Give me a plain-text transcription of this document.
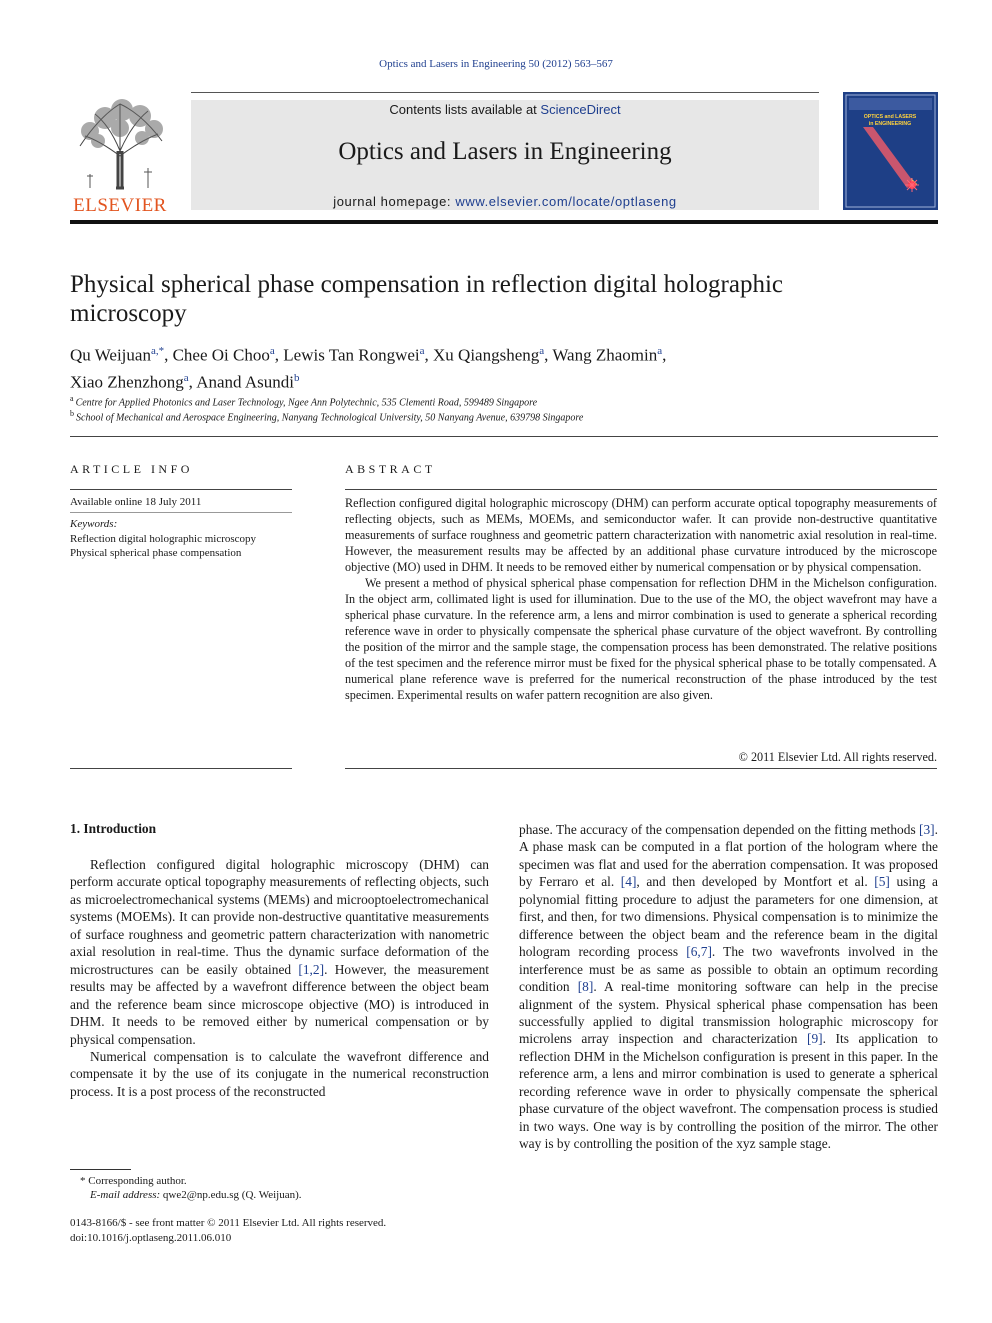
Optics and Lasers in Engineering 50 (2012) 563–567
ELSEVIER
Contents lists available at ScienceDirect
Optics and Lasers in Engineering
journal homepage: www.elsevier.com/locate/optlaseng
OPTICS and LASERS
in ENGINEERING
Physical spherical phase compensation in reflection digital holographic microscopy
Qu Weijuan$^{a,*}$, Chee Oi Choo$^a$, Lewis Tan Rongwei$^a$, Xu Qiangsheng$^a$, Wang Zhaomin$^a$,
Xiao Zhenzhong$^a$, Anand Asundi$^b$
$^a$ Centre for Applied Photonics and Laser Technology, Ngee Ann Polytechnic, 535 Clementi Road, 599489 Singapore
$^b$ School of Mechanical and Aerospace Engineering, Nanyang Technological University, 50 Nanyang Avenue, 639798 Singapore
ARTICLE INFO
Available online 18 July 2011
Keywords:
Reflection digital holographic microscopy
Physical spherical phase compensation
ABSTRACT

Reflection configured digital holographic microscopy (DHM) can perform accurate optical topography measurements of reflecting objects, such as MEMs, MOEMs, and semiconductor wafer. It can provide non-destructive quantitative measurements of surface roughness and geometric pattern characterization with nanometric axial resolution in real-time. However, the measurement results may be affected by an additional phase curvature introduced by the microscope objective (MO) used in DHM. It needs to be removed either by numerical compensation or by physical compensation.

We present a method of physical spherical phase compensation for reflection DHM in the Michelson configuration. In the object arm, collimated light is used for illumination. Due to the use of the MO, the object wavefront may have a spherical phase curvature. In the reference arm, a lens and mirror combination is used to generate a spherical recording reference wave in order to physically compensate the spherical phase curvature of the object wavefront. By controlling the position of the mirror and the sample stage, the compensation process has been demonstrated. The relative positions of the test specimen and the reference mirror must be fixed for the physical spherical phase to be totally compensated. A numerical plane reference wave is preferred for the numerical reconstruction of the phase introduced by the test specimen. Experimental results on wafer pattern recognition are also given.

© 2011 Elsevier Ltd. All rights reserved.
1. Introduction

Reflection configured digital holographic microscopy (DHM) can perform accurate optical topography measurements of reflecting objects, such as microelectromechanical systems (MEMs) and microoptoelectromechanical systems (MOEMs). It can provide non-destructive quantitative measurements of surface roughness and geometric pattern characterization with nanometric axial resolution in real-time. Thus the dynamic surface deformation of the microstructures can be easily obtained [1,2]. However, the measurement results may be affected by a wavefront difference between the object beam and the reference beam since microscope objective (MO) is introduced in DHM. It needs to be removed either by numerical compensation or by physical compensation.

Numerical compensation is to calculate the wavefront difference and compensate it by the use of its conjugate in the numerical reconstruction process. It is a post process of the reconstructed

phase. The accuracy of the compensation depended on the fitting methods [3]. A phase mask can be computed in a flat portion of the hologram where the specimen was flat and used for the aberration compensation. It was proposed by Ferraro et al. [4], and then developed by Montfort et al. [5] using a polynomial fitting procedure to adjust the parameters for one dimension, at first, and then, for two dimensions. Physical compensation is to minimize the difference between the object beam and the reference beam in the digital hologram recording process [6,7]. The two wavefronts involved in the interference must be as same as possible to obtain an optimum recording condition [8]. A real-time monitoring software can help in the precise alignment of the system. Physical spherical phase compensation has been successfully applied to digital transmission holographic microscopy for microlens array inspection and characterization [9]. Its application to reflection DHM in the Michelson configuration is present in this paper. In the reference arm, a lens and mirror combination is used to generate a spherical recording reference wave in order to physically compensate the spherical phase curvature of the object wavefront. The compensation process is studied in two ways. One way is by controlling the position of the mirror. The other way is by controlling the position of the xyz sample stage.

* Corresponding author.
E-mail address: qwe2@np.edu.sg (Q. Weijuan).
0143-8166/$ - see front matter © 2011 Elsevier Ltd. All rights reserved.
doi:10.1016/j.optlaseng.2011.06.010
